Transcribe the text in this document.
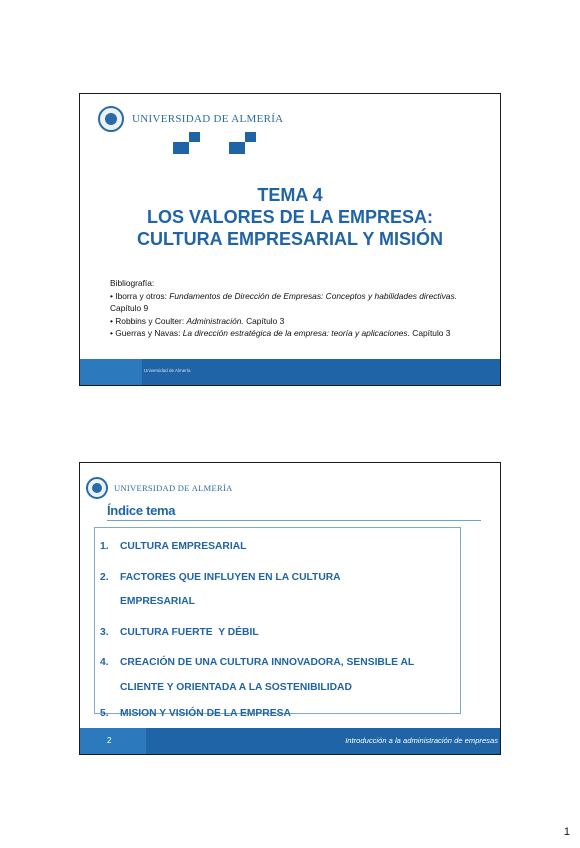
UNIVERSIDAD DE ALMERÍA
TEMA 4
LOS VALORES DE LA EMPRESA:
CULTURA EMPRESARIAL Y MISIÓN
Bibliografía:
• Iborra y otros: Fundamentos de Dirección de Empresas: Conceptos y habilidades directivas. Capítulo 9
• Robbins y Coulter: Administración. Capítulo 3
• Guerras y Navas: La dirección estratégica de la empresa: teoría y aplicaciones. Capítulo 3
Universidad de Almería
UNIVERSIDAD DE ALMERÍA
Índice tema
1.	CULTURA EMPRESARIAL
2.	FACTORES QUE INFLUYEN EN LA CULTURA EMPRESARIAL
3.	CULTURA FUERTE  Y DÉBIL
4.	CREACIÓN DE UNA CULTURA INNOVADORA, SENSIBLE AL CLIENTE Y ORIENTADA A LA SOSTENIBILIDAD
5.	MISION Y VISIÓN DE LA EMPRESA
2	Introducción a la administración de empresas
1
